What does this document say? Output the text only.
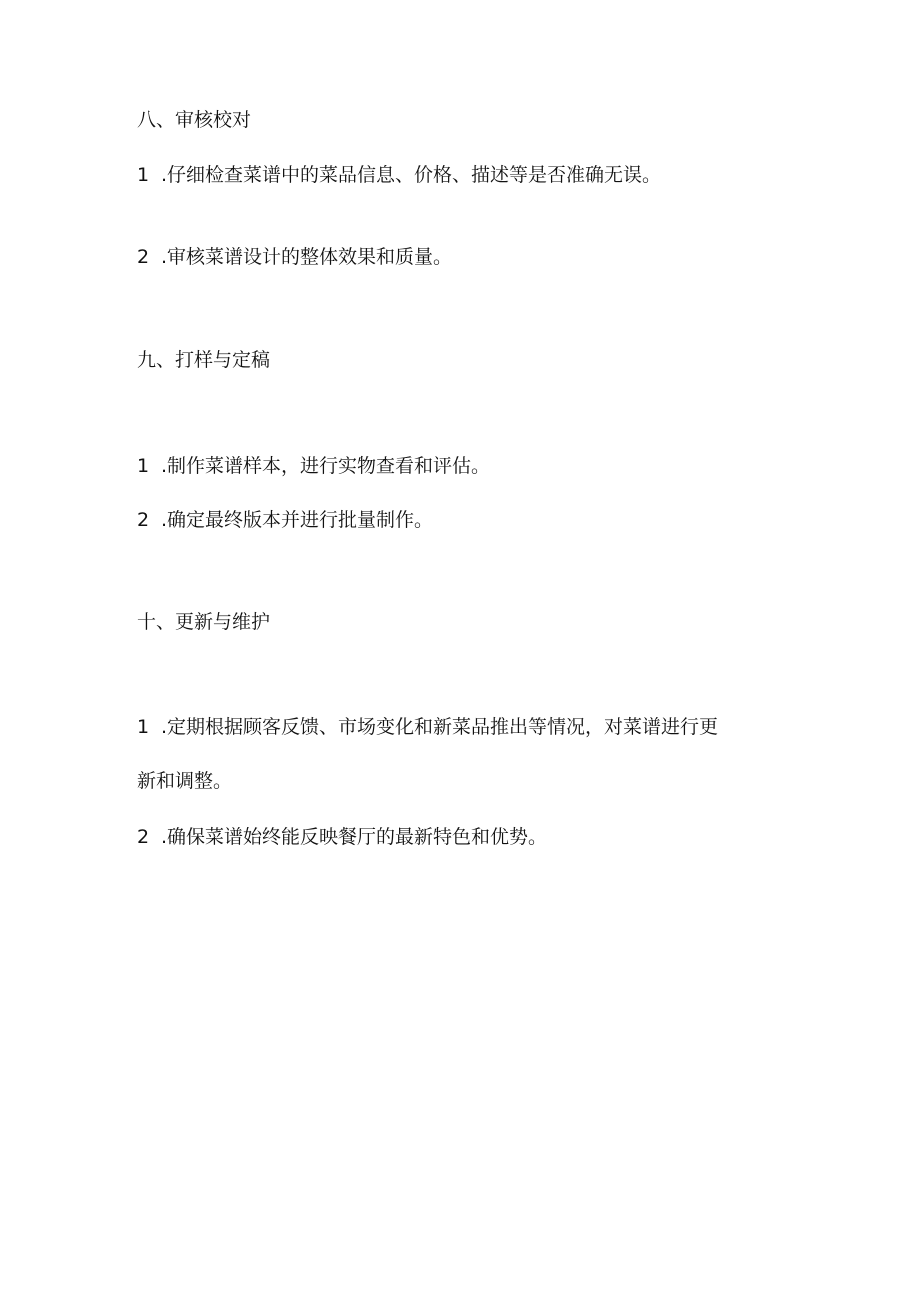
八、审核校对
1 .仔细检查菜谱中的菜品信息、价格、描述等是否准确无误。
2 .审核菜谱设计的整体效果和质量。
九、打样与定稿
1 .制作菜谱样本，进行实物查看和评估。
2 .确定最终版本并进行批量制作。
十、更新与维护
1 .定期根据顾客反馈、市场变化和新菜品推出等情况，对菜谱进行更
新和调整。
2 .确保菜谱始终能反映餐厅的最新特色和优势。
